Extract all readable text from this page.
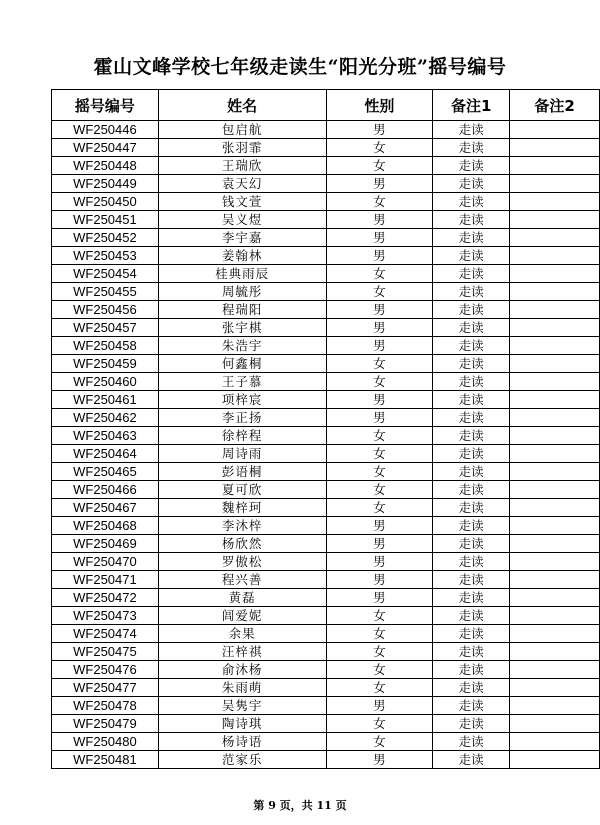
霍山文峰学校七年级走读生“阳光分班”摇号编号
摇号编号	姓名	性别	备注1	备注2
WF250446	包启航	男	走读	
WF250447	张羽霏	女	走读	
WF250448	王瑞欣	女	走读	
WF250449	袁天幻	男	走读	
WF250450	钱文萱	女	走读	
WF250451	吴义煜	男	走读	
WF250452	李宇嘉	男	走读	
WF250453	姜翰林	男	走读	
WF250454	桂典雨辰	女	走读	
WF250455	周毓彤	女	走读	
WF250456	程瑞阳	男	走读	
WF250457	张宇棋	男	走读	
WF250458	朱浩宇	男	走读	
WF250459	何鑫桐	女	走读	
WF250460	王子慕	女	走读	
WF250461	项梓宸	男	走读	
WF250462	李正扬	男	走读	
WF250463	徐梓程	女	走读	
WF250464	周诗雨	女	走读	
WF250465	彭语桐	女	走读	
WF250466	夏可欣	女	走读	
WF250467	魏梓珂	女	走读	
WF250468	李沐梓	男	走读	
WF250469	杨欣然	男	走读	
WF250470	罗傲松	男	走读	
WF250471	程兴善	男	走读	
WF250472	黄磊	男	走读	
WF250473	闾爱妮	女	走读	
WF250474	余果	女	走读	
WF250475	汪梓祺	女	走读	
WF250476	俞沐杨	女	走读	
WF250477	朱雨萌	女	走读	
WF250478	吴隽宇	男	走读	
WF250479	陶诗琪	女	走读	
WF250480	杨诗语	女	走读	
WF250481	范家乐	男	走读	
第 9 页，共 11 页
